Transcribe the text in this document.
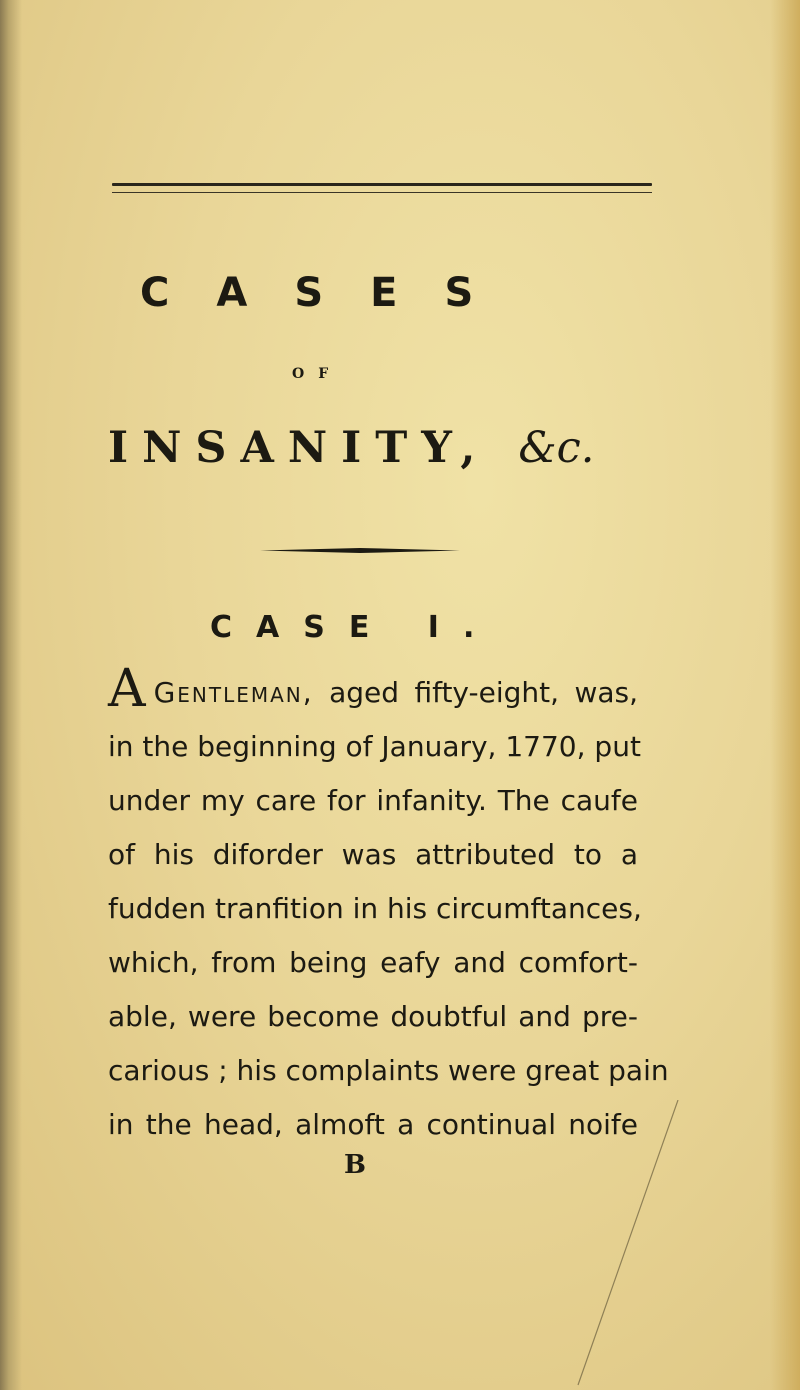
CASES
OF
INSANITY, &c.
CASE I.
A Gentleman, aged fifty-eight, was,
in the beginning of January, 1770, put
under my care for infanity. The caufe
of his diforder was attributed to a
fudden tranfition in his circumftances,
which, from being eafy and comfort-
able, were become doubtful and pre-
carious ; his complaints were great pain
in the head, almoft a continual noife
B
